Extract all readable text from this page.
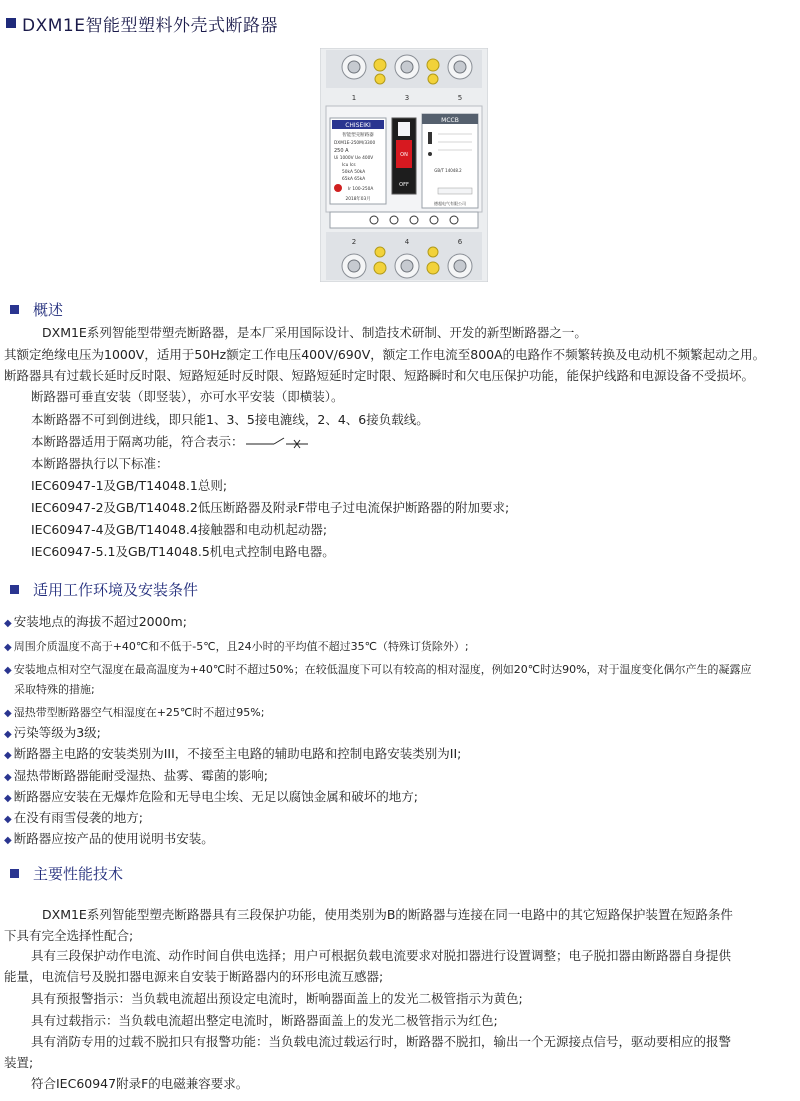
DXM1E智能型塑料外壳式断路器
1	3	5
CHISEIKI
智能塑壳断路器
DXM1E-250M/3300
250 A
Ui 1000V Ue 400V
Icu Ics
50kA 50kA
65kA 65kA
Ir 100-250A
2018年03月
ON
OFF
MCCB
GB/T 14048.2
德超电气有限公司
2	4	6
概述
DXM1E系列智能型带塑壳断路器，是本厂采用国际设计、制造技术研制、开发的新型断路器之一。
其额定绝缘电压为1000V，适用于50Hz额定工作电压400V/690V，额定工作电流至800A的电路作不频繁转换及电动机不频繁起动之用。
断路器具有过载长延时反时限、短路短延时反时限、短路短延时定时限、短路瞬时和欠电压保护功能，能保护线路和电源设备不受损坏。
断路器可垂直安装（即竖装），亦可水平安装（即横装）。
本断路器不可到倒进线，即只能1、3、5接电漉线，2、4、6接负载线。
本断路器适用于隔离功能，符合表示：
本断路器执行以下标准：
IEC60947-1及GB/T14048.1总则;
IEC60947-2及GB/T14048.2低压断路器及附录F带电子过电流保护断路器的附加要求;
IEC60947-4及GB/T14048.4接触器和电动机起动器;
IEC60947-5.1及GB/T14048.5机电式控制电路电器。
适用工作环境及安装条件
◆ 安装地点的海拔不超过2000m;
◆ 周围介质温度不高于+40℃和不低于-5℃，且24小时的平均值不超过35℃（特殊订货除外）;
◆ 安装地点相对空气湿度在最高温度为+40℃时不超过50%；在较低温度下可以有较高的相对湿度，例如20℃时达90%，对于温度变化偶尔产生的凝露应
采取特殊的措施;
◆ 湿热带型断路器空气相湿度在+25℃时不超过95%;
◆ 污染等级为3级;
◆ 断路器主电路的安装类别为III，不接至主电路的辅助电路和控制电路安装类别为II;
◆ 湿热带断路器能耐受湿热、盐雾、霉菌的影响;
◆ 断路器应安装在无爆炸危险和无导电尘埃、无足以腐蚀金属和破坏的地方;
◆ 在没有雨雪侵袭的地方;
◆ 断路器应按产品的使用说明书安装。
主要性能技术
DXM1E系列智能型塑壳断路器具有三段保护功能，使用类别为B的断路器与连接在同一电路中的其它短路保护装置在短路条件
下具有完全选择性配合;
具有三段保护动作电流、动作时间自供电选择；用户可根据负载电流要求对脱扣器进行设置调整；电子脱扣器由断路器自身提供
能量，电流信号及脱扣器电源来自安装于断路器内的环形电流互感器;
具有预报警指示：当负载电流超出预设定电流时，断响器面盖上的发光二极管指示为黄色;
具有过载指示：当负载电流超出整定电流时，断路器面盖上的发光二极管指示为红色;
具有消防专用的过载不脱扣只有报警功能：当负载电流过载运行时，断路器不脱扣，输出一个无源接点信号，驱动要相应的报警
装置;
符合IEC60947附录F的电磁兼容要求。
